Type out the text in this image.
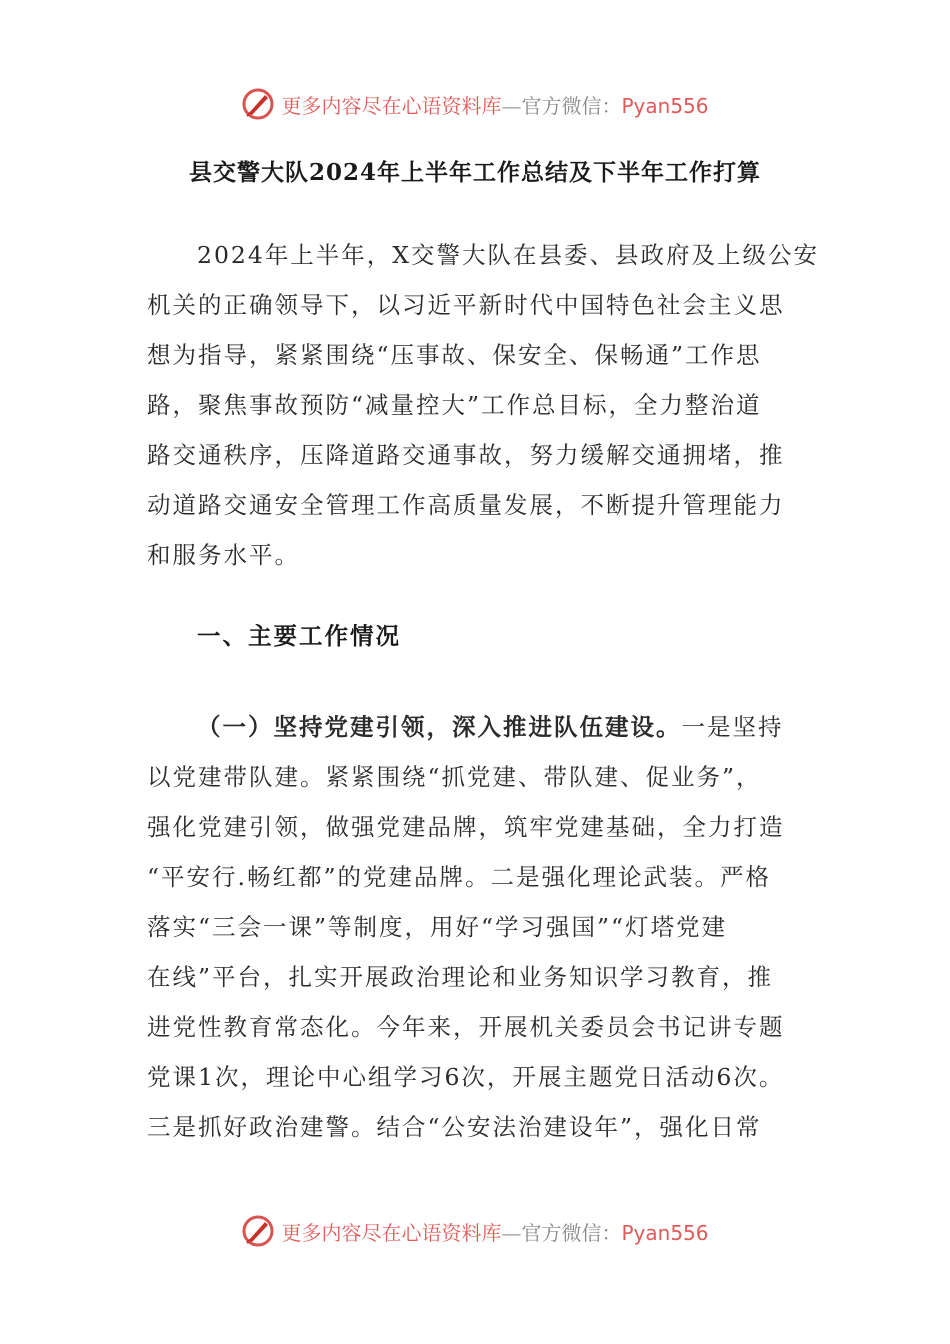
更多内容尽在心语资料库—官方微信：Pyan556
县交警大队2024年上半年工作总结及下半年工作打算
2024年上半年，X交警大队在县委、县政府及上级公安
机关的正确领导下，以习近平新时代中国特色社会主义思
想为指导，紧紧围绕“压事故、保安全、保畅通”工作思
路，聚焦事故预防“减量控大”工作总目标，全力整治道
路交通秩序，压降道路交通事故，努力缓解交通拥堵，推
动道路交通安全管理工作高质量发展，不断提升管理能力
和服务水平。
一、主要工作情况
（一）坚持党建引领，深入推进队伍建设。一是坚持
以党建带队建。紧紧围绕“抓党建、带队建、促业务”，
强化党建引领，做强党建品牌，筑牢党建基础，全力打造
“平安行.畅红都”的党建品牌。二是强化理论武装。严格
落实“三会一课”等制度，用好“学习强国”“灯塔党建
在线”平台，扎实开展政治理论和业务知识学习教育，推
进党性教育常态化。今年来，开展机关委员会书记讲专题
党课1次，理论中心组学习6次，开展主题党日活动6次。
三是抓好政治建警。结合“公安法治建设年”，强化日常
更多内容尽在心语资料库—官方微信：Pyan556
